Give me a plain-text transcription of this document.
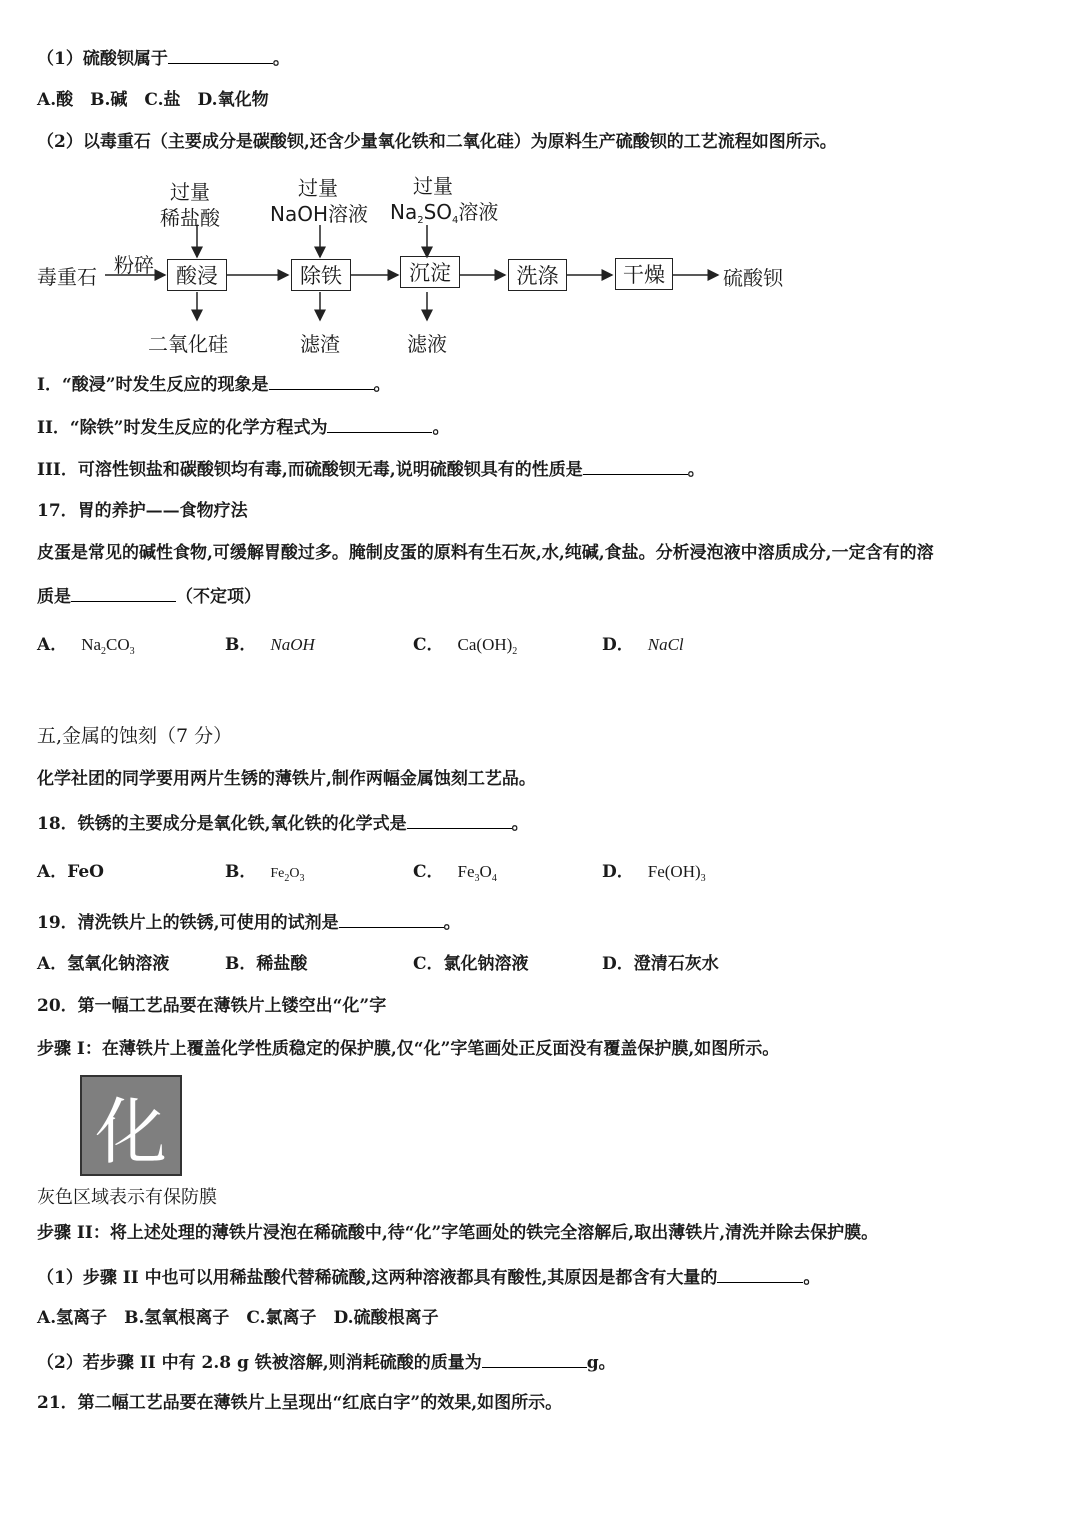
（1）硫酸钡属于	。
A.酸　B.碱　C.盐　D.氧化物
（2）以毒重石（主要成分是碳酸钡,还含少量氧化铁和二氧化硅）为原料生产硫酸钡的工艺流程如图所示。
毒重石 粉碎	酸浸	除铁	沉淀	洗涤	干燥	硫酸钡
过量
稀盐酸
过量
NaOH溶液
过量
$Na_2SO_4$溶液
二氧化硅	滤渣	滤液
I．“酸浸”时发生反应的现象是	。
II．“除铁”时发生反应的化学方程式为	。
III．可溶性钡盐和碳酸钡均有毒,而硫酸钡无毒,说明硫酸钡具有的性质是	。
17．胃的养护——食物疗法
皮蛋是常见的碱性食物,可缓解胃酸过多。腌制皮蛋的原料有生石灰,水,纯碱,食盐。分析浸泡液中溶质成分,一定含有的溶
质是	（不定项）
A． $Na_2CO_3$	B． NaOH	C． $Ca(OH)_2$	D． NaCl
五,金属的蚀刻（7 分）
化学社团的同学要用两片生锈的薄铁片,制作两幅金属蚀刻工艺品。
18．铁锈的主要成分是氧化铁,氧化铁的化学式是	。
A．FeO	B． $Fe_2O_3$	C． $Fe_3O_4$	D． $Fe(OH)_3$
19．清洗铁片上的铁锈,可使用的试剂是	。
A．氢氧化钠溶液	B．稀盐酸	C．氯化钠溶液	D．澄清石灰水
20．第一幅工艺品要在薄铁片上镂空出“化”字
步骤 I：在薄铁片上覆盖化学性质稳定的保护膜,仅“化”字笔画处正反面没有覆盖保护膜,如图所示。
化
灰色区域表示有保防膜
步骤 II：将上述处理的薄铁片浸泡在稀硫酸中,待“化”字笔画处的铁完全溶解后,取出薄铁片,清洗并除去保护膜。
（1）步骤 II 中也可以用稀盐酸代替稀硫酸,这两种溶液都具有酸性,其原因是都含有大量的	。
A.氢离子　B.氢氧根离子　C.氯离子　D.硫酸根离子
（2）若步骤 II 中有 2.8 g 铁被溶解,则消耗硫酸的质量为	g。
21．第二幅工艺品要在薄铁片上呈现出“红底白字”的效果,如图所示。
